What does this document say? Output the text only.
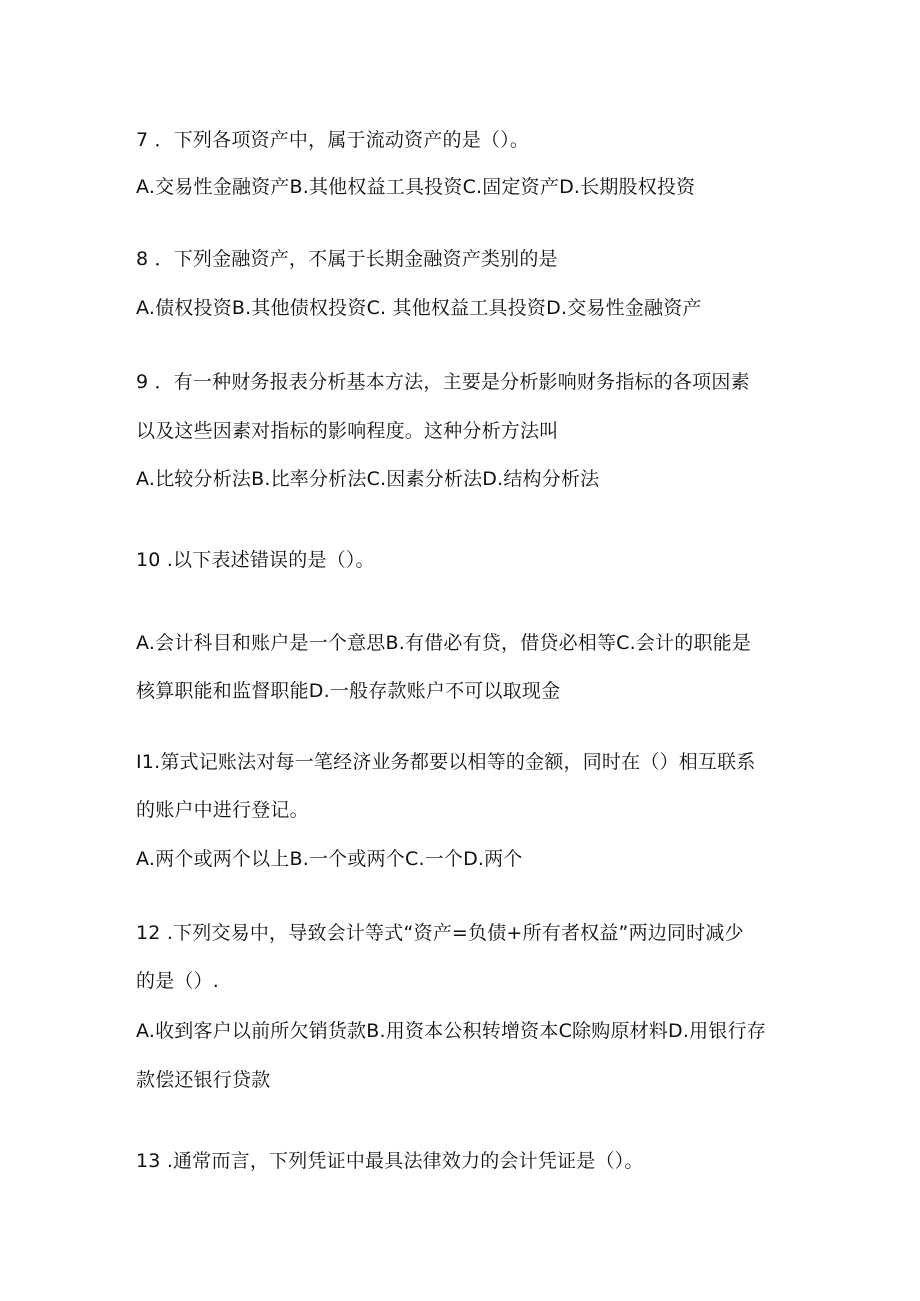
7 ．下列各项资产中，属于流动资产的是（）。
A.交易性金融资产B.其他权益工具投资C.固定资产D.长期股权投资
8 ．下列金融资产，不属于长期金融资产类别的是
A.债权投资B.其他债权投资C. 其他权益工具投资D.交易性金融资产
9 ．有一种财务报表分析基本方法，主要是分析影响财务指标的各项因素
以及这些因素对指标的影响程度。这种分析方法叫
A.比较分析法B.比率分析法C.因素分析法D.结构分析法
10 .以下表述错误的是（）。
A.会计科目和账户是一个意思B.有借必有贷，借贷必相等C.会计的职能是
核算职能和监督职能D.一般存款账户不可以取现金
I1.第式记账法对每一笔经济业务都要以相等的金额，同时在（）相互联系
的账户中进行登记。
A.两个或两个以上B.一个或两个C.一个D.两个
12 .下列交易中，导致会计等式“资产=负债+所有者权益”两边同时减少
的是（）.
A.收到客户以前所欠销货款B.用资本公积转增资本C除购原材料D.用银行存
款偿还银行贷款
13 .通常而言，下列凭证中最具法律效力的会计凭证是（）。
